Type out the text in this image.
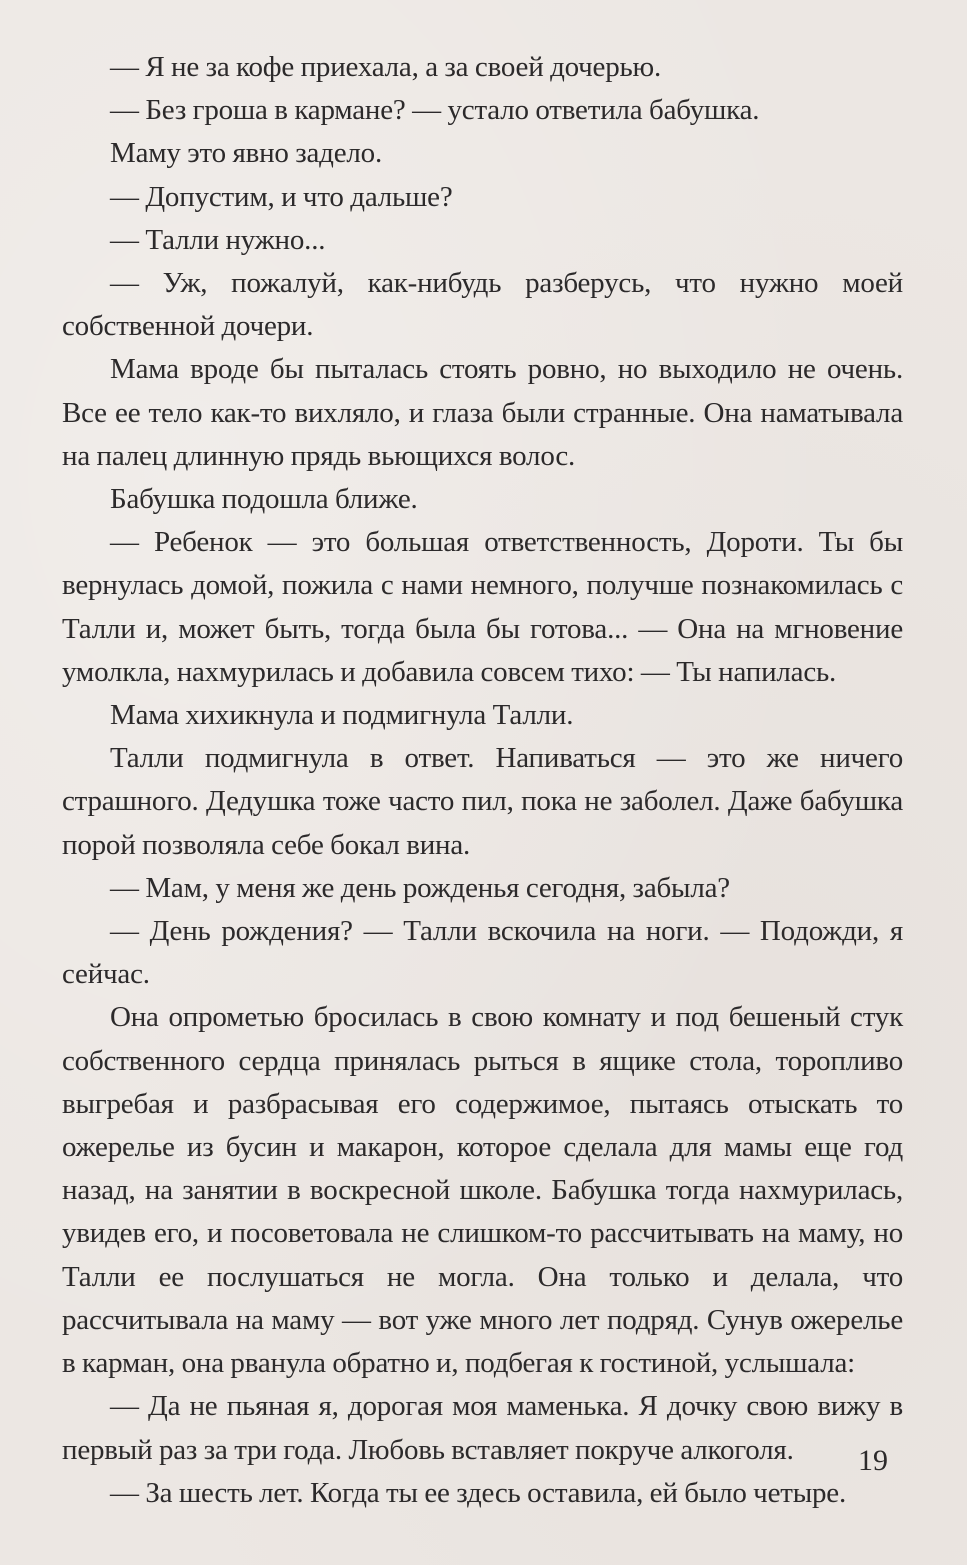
— Я не за кофе приехала, а за своей дочерью.

— Без гроша в кармане? — устало ответила бабушка.

Маму это явно задело.

— Допустим, и что дальше?

— Талли нужно...

— Уж, пожалуй, как-нибудь разберусь, что нужно моей собственной дочери.

Мама вроде бы пыталась стоять ровно, но выходило не очень. Все ее тело как-то вихляло, и глаза были странные. Она наматывала на палец длинную прядь вьющихся волос.

Бабушка подошла ближе.

— Ребенок — это большая ответственность, Дороти. Ты бы вернулась домой, пожила с нами немного, получше познакомилась с Талли и, может быть, тогда была бы готова... — Она на мгновение умолкла, нахмурилась и добавила совсем тихо: — Ты напилась.

Мама хихикнула и подмигнула Талли.

Талли подмигнула в ответ. Напиваться — это же ничего страшного. Дедушка тоже часто пил, пока не заболел. Даже бабушка порой позволяла себе бокал вина.

— Мам, у меня же день рожденья сегодня, забыла?

— День рождения? — Талли вскочила на ноги. — Подожди, я сейчас.

Она опрометью бросилась в свою комнату и под бешеный стук собственного сердца принялась рыться в ящике стола, торопливо выгребая и разбрасывая его содержимое, пытаясь отыскать то ожерелье из бусин и макарон, которое сделала для мамы еще год назад, на занятии в воскресной школе. Бабушка тогда нахмурилась, увидев его, и посоветовала не слишком-то рассчитывать на маму, но Талли ее послушаться не могла. Она только и делала, что рассчитывала на маму — вот уже много лет подряд. Сунув ожерелье в карман, она рванула обратно и, подбегая к гостиной, услышала:

— Да не пьяная я, дорогая моя маменька. Я дочку свою вижу в первый раз за три года. Любовь вставляет покруче алкоголя.

— За шесть лет. Когда ты ее здесь оставила, ей было четыре.

19
